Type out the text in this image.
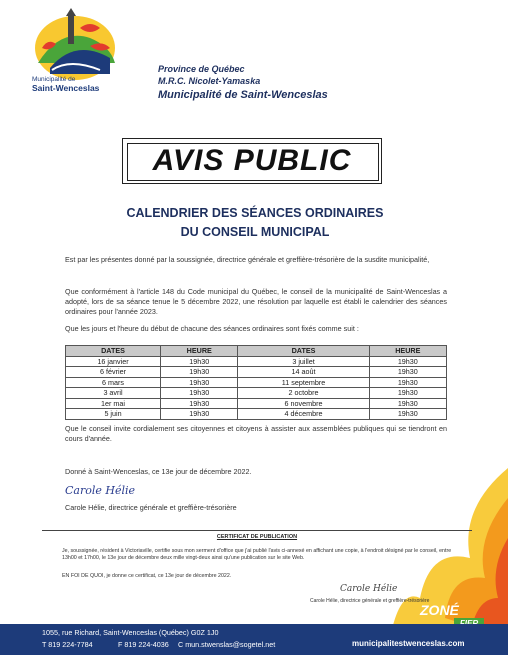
Municipalité de
Saint-Wenceslas
Province de Québec
M.R.C. Nicolet-Yamaska
Municipalité de Saint-Wenceslas
AVIS PUBLIC
CALENDRIER DES SÉANCES ORDINAIRES
DU CONSEIL MUNICIPAL
Est par les présentes donné par la soussignée, directrice générale et greffière-trésorière de la susdite municipalité,
Que conformément à l'article 148 du Code municipal du Québec, le conseil de la municipalité de Saint-Wenceslas a adopté, lors de sa séance tenue le 5 décembre 2022, une résolution par laquelle est établi le calendrier des séances ordinaires pour l'année 2023.
Que les jours et l'heure du début de chacune des séances ordinaires sont fixés comme suit :
DATES	HEURE	DATES	HEURE
16 janvier	19h30	3 juillet	19h30
6 février	19h30	14 août	19h30
6 mars	19h30	11 septembre	19h30
3 avril	19h30	2 octobre	19h30
1er mai	19h30	6 novembre	19h30
5 juin	19h30	4 décembre	19h30
Que le conseil invite cordialement ses citoyennes et citoyens à assister aux assemblées publiques qui se tiendront en cours d'année.
Donné à Saint-Wenceslas, ce 13e jour de décembre 2022.
Carole Hélie
Carole Hélie, directrice générale et greffière-trésorière
CERTIFICAT DE PUBLICATION
Je, soussignée, résident à Victoriaville, certifie sous mon serment d'office que j'ai publié l'avis ci-annexé en affichant une copie, à l'endroit désigné par le conseil, entre 13h00 et 17h00, le 13e jour de décembre deux mille vingt-deux ainsi qu'une publication sur le site Web.
EN FOI DE QUOI, je donne ce certificat, ce 13e jour de décembre 2022.
Carole Hélie
Carole Hélie, directrice générale et greffière-trésorière
ZONÉ
1055, rue Richard, Saint-Wenceslas (Québec) G0Z 1J0
T 819 224-7784	F 819 224-4036 C mun.stwenslas@sogetel.net	municipalitestwenceslas.com
